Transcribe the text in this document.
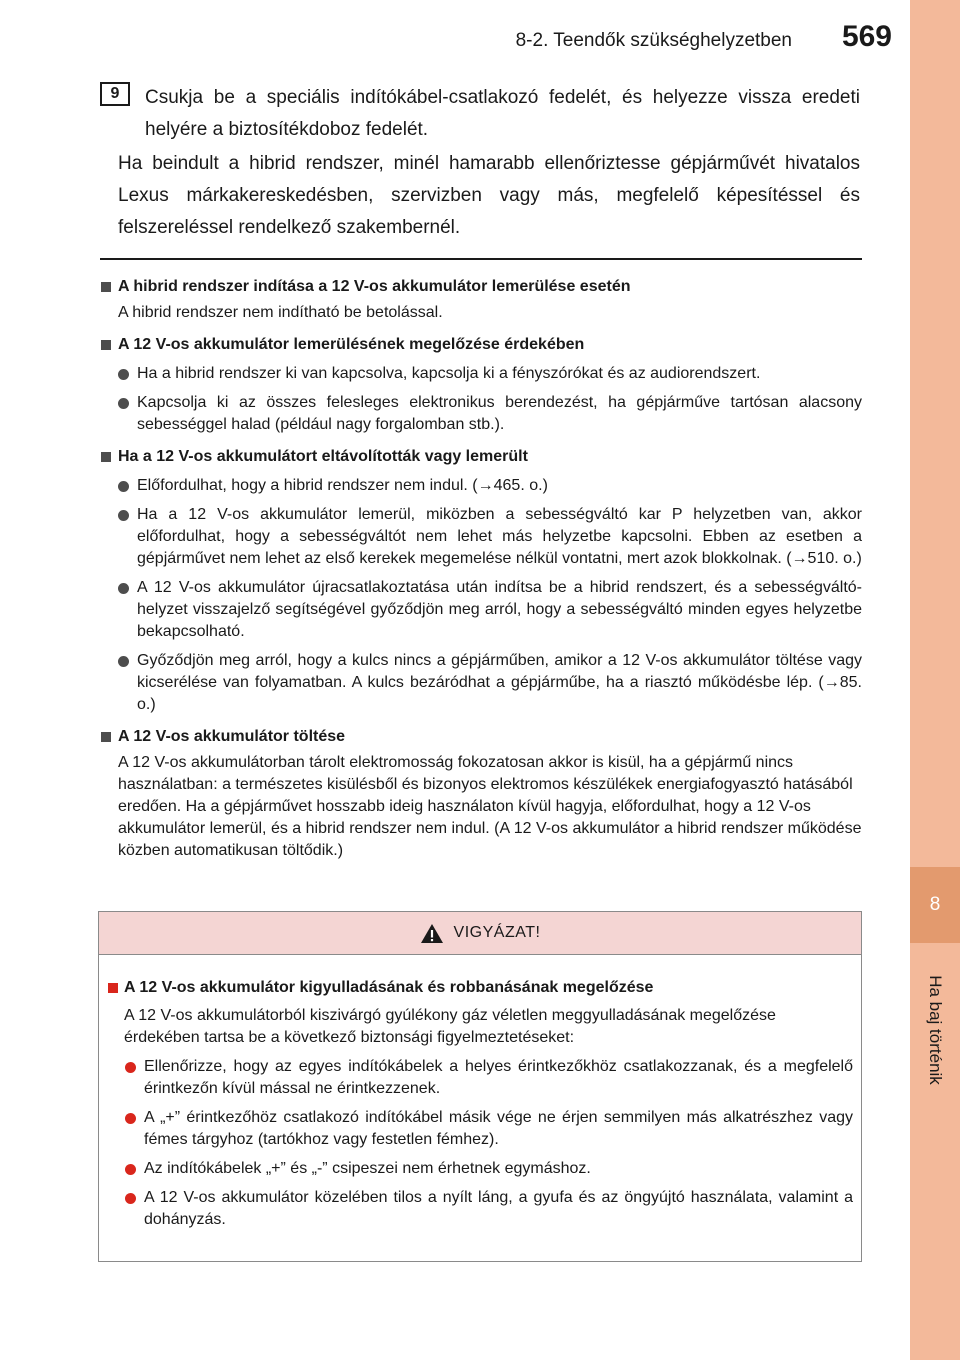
8
Ha baj történik
8-2. Teendők szükséghelyzetben 569
9	Csukja be a speciális indítókábel-csatlakozó fedelét, és helyezze vissza eredeti helyére a biztosítékdoboz fedelét.
Ha beindult a hibrid rendszer, minél hamarabb ellenőriztesse gépjárművét hivatalos Lexus márkakereskedésben, szervizben vagy más, megfelelő képesítéssel és felszereléssel rendelkező szakembernél.
A hibrid rendszer indítása a 12 V-os akkumulátor lemerülése esetén
A hibrid rendszer nem indítható be betolással.
A 12 V-os akkumulátor lemerülésének megelőzése érdekében
Ha a hibrid rendszer ki van kapcsolva, kapcsolja ki a fényszórókat és az audiorendszert.
Kapcsolja ki az összes felesleges elektronikus berendezést, ha gépjárműve tartósan alacsony sebességgel halad (például nagy forgalomban stb.).
Ha a 12 V-os akkumulátort eltávolították vagy lemerült
Előfordulhat, hogy a hibrid rendszer nem indul. (→465. o.)
Ha a 12 V-os akkumulátor lemerül, miközben a sebességváltó kar P helyzetben van, akkor előfordulhat, hogy a sebességváltót nem lehet más helyzetbe kapcsolni. Ebben az esetben a gépjárművet nem lehet az első kerekek megemelése nélkül vontatni, mert azok blokkolnak. (→510. o.)
A 12 V-os akkumulátor újracsatlakoztatása után indítsa be a hibrid rendszert, és a sebességváltó-helyzet visszajelző segítségével győződjön meg arról, hogy a sebességváltó minden egyes helyzetbe bekapcsolható.
Győződjön meg arról, hogy a kulcs nincs a gépjárműben, amikor a 12 V-os akkumulátor töltése vagy kicserélése van folyamatban. A kulcs bezáródhat a gépjárműbe, ha a riasztó működésbe lép. (→85. o.)
A 12 V-os akkumulátor töltése
A 12 V-os akkumulátorban tárolt elektromosság fokozatosan akkor is kisül, ha a gépjármű nincs használatban: a természetes kisülésből és bizonyos elektromos készülékek energiafogyasztó hatásából eredően. Ha a gépjárművet hosszabb ideig használaton kívül hagyja, előfordulhat, hogy a 12 V-os akkumulátor lemerül, és a hibrid rendszer nem indul. (A 12 V-os akkumulátor a hibrid rendszer működése közben automatikusan töltődik.)
VIGYÁZAT!
A 12 V-os akkumulátor kigyulladásának és robbanásának megelőzése
A 12 V-os akkumulátorból kiszivárgó gyúlékony gáz véletlen meggyulladásának megelőzése érdekében tartsa be a következő biztonsági figyelmeztetéseket:
Ellenőrizze, hogy az egyes indítókábelek a helyes érintkezőkhöz csatlakozzanak, és a megfelelő érintkezőn kívül mással ne érintkezzenek.
A „+” érintkezőhöz csatlakozó indítókábel másik vége ne érjen semmilyen más alkatrészhez vagy fémes tárgyhoz (tartókhoz vagy festetlen fémhez).
Az indítókábelek „+” és „-” csipeszei nem érhetnek egymáshoz.
A 12 V-os akkumulátor közelében tilos a nyílt láng, a gyufa és az öngyújtó használata, valamint a dohányzás.
